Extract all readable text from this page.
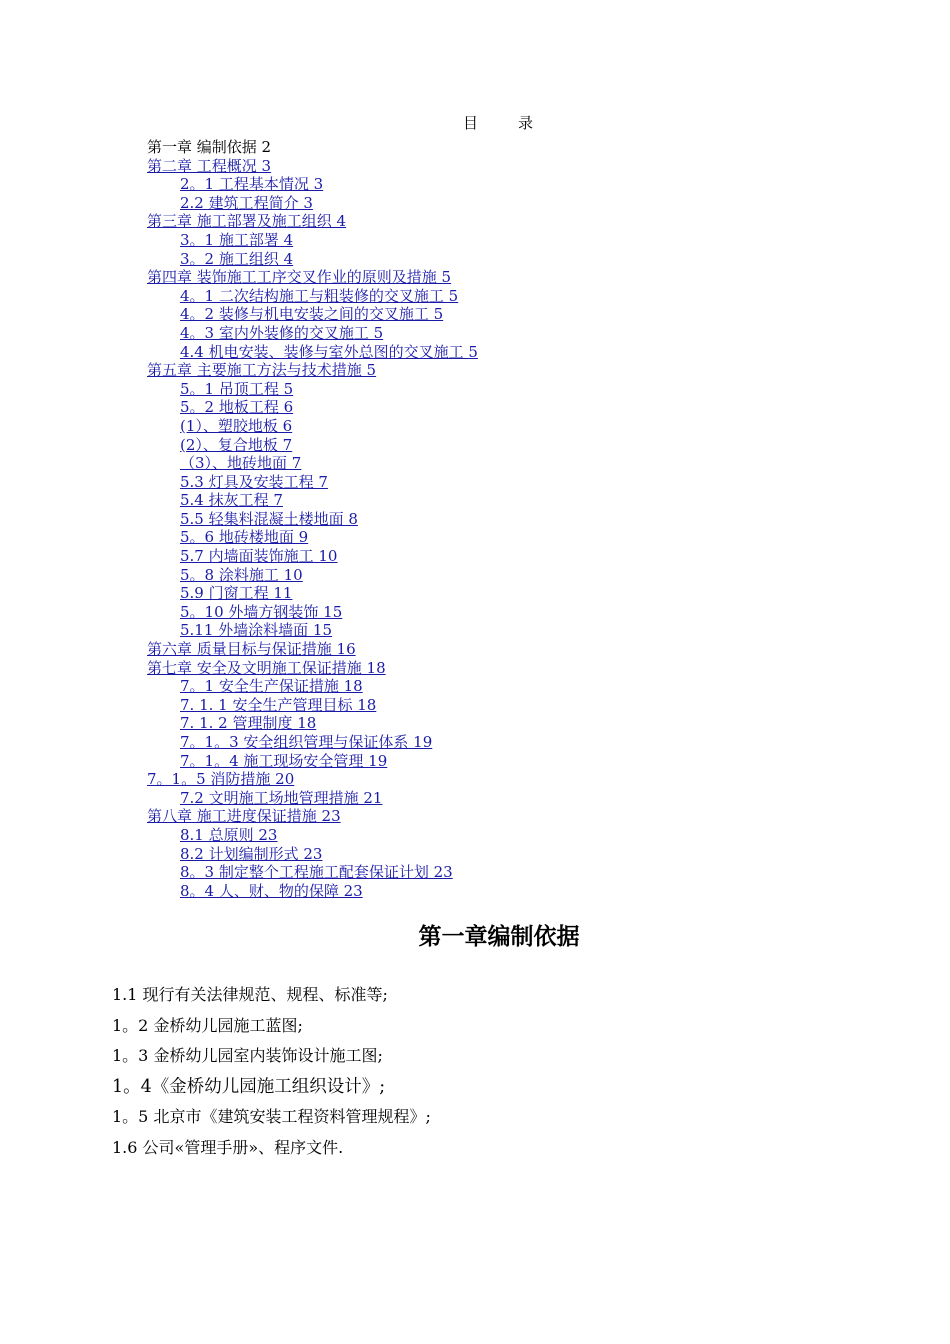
目	录
第一章 编制依据 2
第二章 工程概况 3
2。1 工程基本情况 3
2.2 建筑工程简介 3
第三章 施工部署及施工组织 4
3。1 施工部署 4
3。2 施工组织 4
第四章 装饰施工工序交叉作业的原则及措施 5
4。1 二次结构施工与粗装修的交叉施工 5
4。2 装修与机电安装之间的交叉施工 5
4。3 室内外装修的交叉施工 5
4.4 机电安装、装修与室外总图的交叉施工 5
第五章 主要施工方法与技术措施 5
5。1 吊顶工程 5
5。2 地板工程 6
(1）、塑胶地板 6
(2）、复合地板 7
（3）、地砖地面 7
5.3 灯具及安装工程 7
5.4 抹灰工程 7
5.5 轻集料混凝土楼地面 8
5。6 地砖楼地面 9
5.7 内墙面装饰施工 10
5。8 涂料施工 10
5.9 门窗工程 11
5。10 外墙方钢装饰 15
5.11 外墙涂料墙面 15
第六章 质量目标与保证措施 16
第七章 安全及文明施工保证措施 18
7。1 安全生产保证措施 18
7. 1. 1 安全生产管理目标 18
7. 1. 2 管理制度 18
7。1。3 安全组织管理与保证体系 19
7。1。4 施工现场安全管理 19
7。1。5 消防措施 20
7.2 文明施工场地管理措施 21
第八章 施工进度保证措施 23
8.1 总原则 23
8.2 计划编制形式 23
8。3 制定整个工程施工配套保证计划 23
8。4 人、财、物的保障 23
第一章编制依据
1.1 现行有关法律规范、规程、标准等;
1。2 金桥幼儿园施工蓝图;
1。3 金桥幼儿园室内装饰设计施工图;
1。4《金桥幼儿园施工组织设计》;
1。5 北京市《建筑安装工程资料管理规程》;
1.6 公司«管理手册»、程序文件.
